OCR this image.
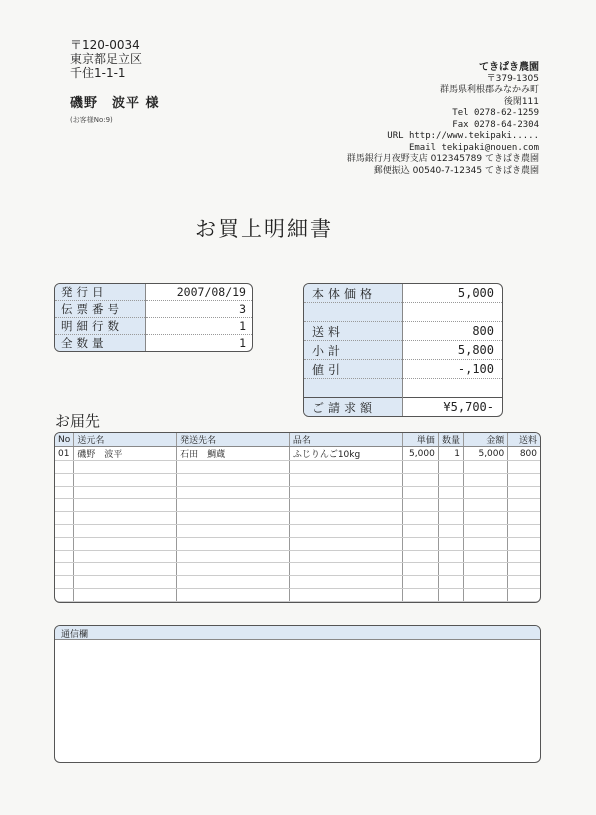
〒120-0034
東京都足立区
千住1-1-1
磯野　波平 様
(お客様No:9)
てきぱき農園
〒379-1305
群馬県利根郡みなかみ町
後閑111
Tel 0278-62-1259
Fax 0278-64-2304
URL http://www.tekipaki.....
Email tekipaki@nouen.com
群馬銀行月夜野支店 012345789 てきぱき農園
郵便振込 00540-7-12345 てきぱき農園
お買上明細書
発行日	2007/08/19
伝票番号	3
明細行数	1
全数量	1
本体価格	5,000

送料	800
小計	5,800
値引	-,100

ご請求額	¥5,700-
お届先
No	送元名	発送先名	品名	単価	数量	金額	送料
01	磯野　波平	石田　鯛蔵	ふじりんご10kg	5,000	1	5,000	800

通信欄
